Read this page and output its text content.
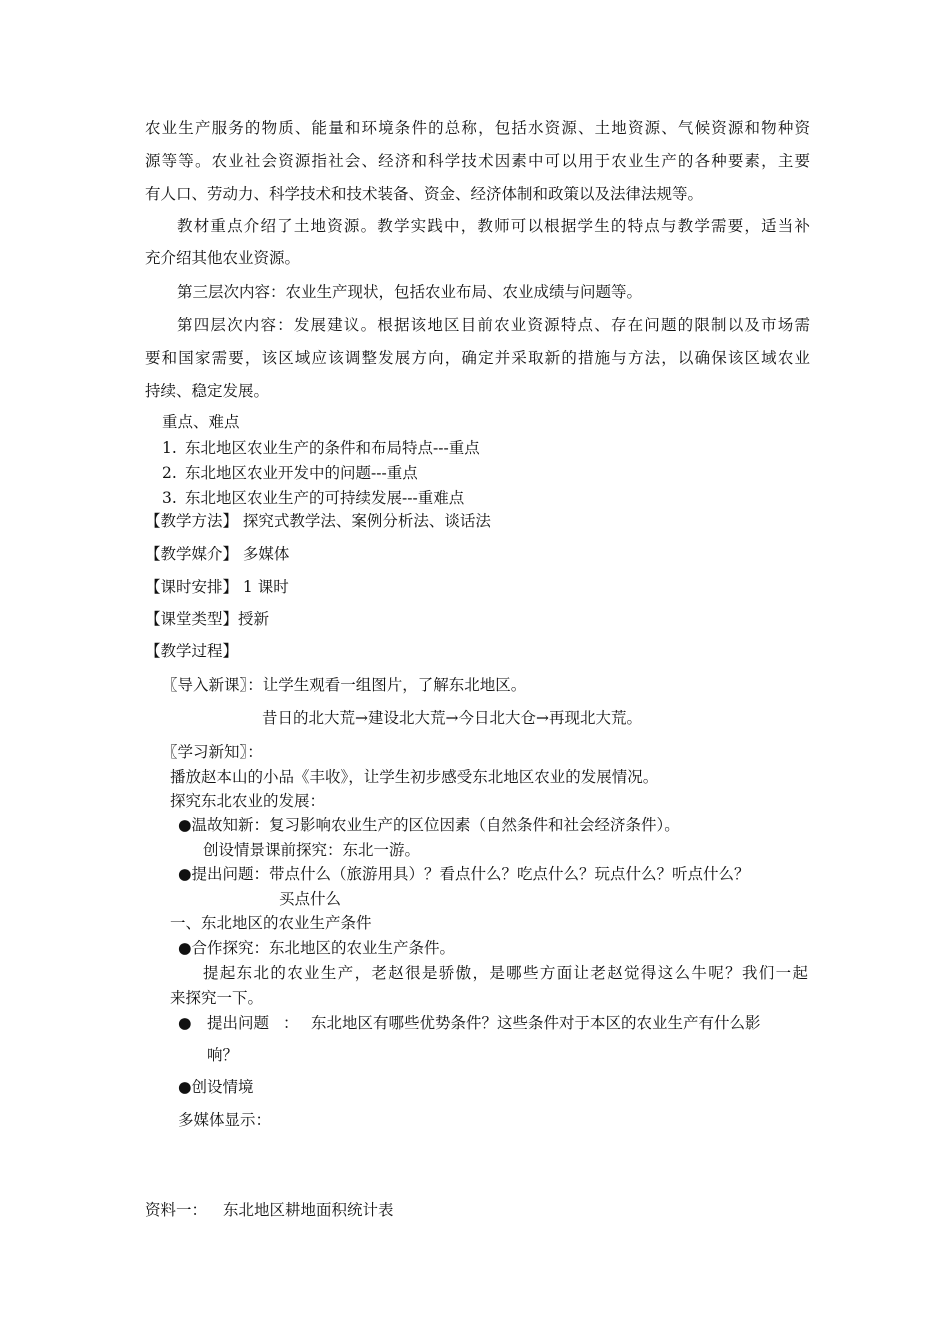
农业生产服务的物质、能量和环境条件的总称，包括水资源、土地资源、气候资源和物种资
源等等。农业社会资源指社会、经济和科学技术因素中可以用于农业生产的各种要素，主要
有人口、劳动力、科学技术和技术装备、资金、经济体制和政策以及法律法规等。
教材重点介绍了土地资源。教学实践中，教师可以根据学生的特点与教学需要，适当补
充介绍其他农业资源。
第三层次内容：农业生产现状，包括农业布局、农业成绩与问题等。
第四层次内容：发展建议。根据该地区目前农业资源特点、存在问题的限制以及市场需
要和国家需要，该区域应该调整发展方向，确定并采取新的措施与方法，以确保该区域农业
持续、稳定发展。
重点、难点
1. 东北地区农业生产的条件和布局特点---重点
2. 东北地区农业开发中的问题---重点
3. 东北地区农业生产的可持续发展---重难点
【教学方法】 探究式教学法、案例分析法、谈话法
【教学媒介】 多媒体
【课时安排】 1 课时
【课堂类型】授新
【教学过程】
〖导入新课〗：让学生观看一组图片，了解东北地区。
昔日的北大荒→建设北大荒→今日北大仓→再现北大荒。
〖学习新知〗：
播放赵本山的小品《丰收》，让学生初步感受东北地区农业的发展情况。
探究东北农业的发展：
●温故知新：复习影响农业生产的区位因素（自然条件和社会经济条件）。
创设情景课前探究：东北一游。
●提出问题：带点什么（旅游用具）？看点什么？吃点什么？玩点什么？听点什么？
买点什么
一、东北地区的农业生产条件
●合作探究：东北地区的农业生产条件。
提起东北的农业生产，老赵很是骄傲，是哪些方面让老赵觉得这么牛呢？我们一起
来探究一下。
● 提出问题 ： 东北地区有哪些优势条件？这些条件对于本区的农业生产有什么影
响？
●创设情境
多媒体显示：
资料一： 东北地区耕地面积统计表
